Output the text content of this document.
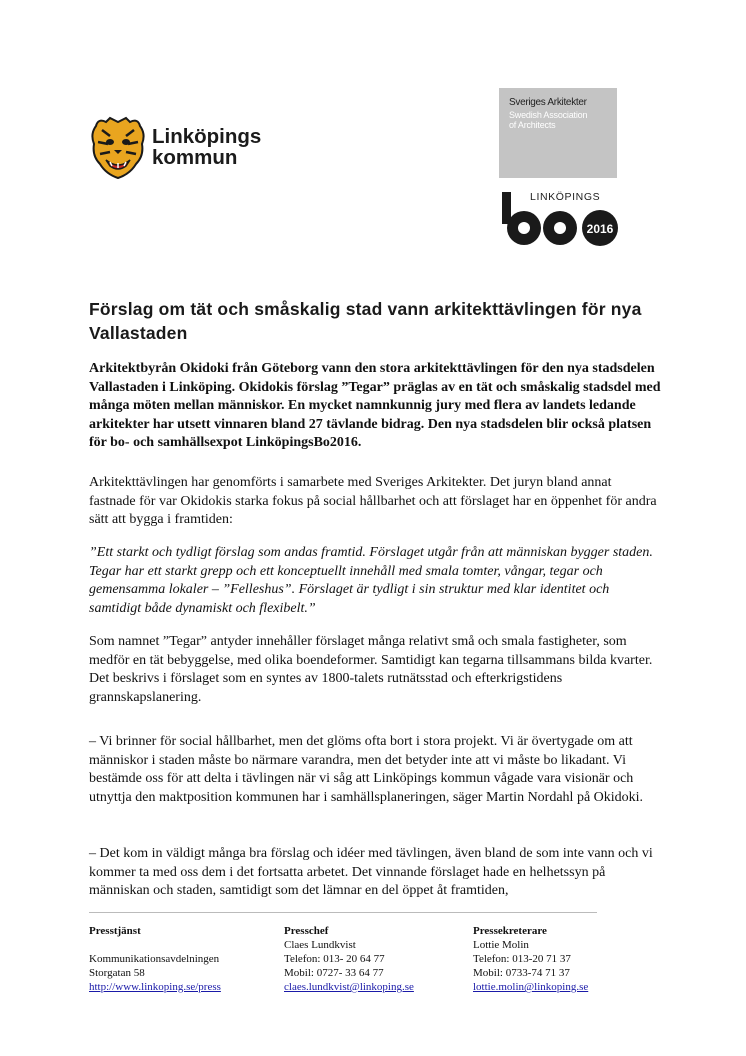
Linköpings
kommun
Sveriges Arkitekter
Swedish Association
of Architects
LINKÖPINGS
2016
Förslag om tät och småskalig stad vann arkitekttävlingen för nya Vallastaden

Arkitektbyrån Okidoki från Göteborg vann den stora arkitekttävlingen för den nya stadsdelen Vallastaden i Linköping. Okidokis förslag ”Tegar” präglas av en tät och småskalig stadsdel med många möten mellan människor. En mycket namnkunnig jury med flera av landets ledande arkitekter har utsett vinnaren bland 27 tävlande bidrag. Den nya stadsdelen blir också platsen för bo- och samhällsexpot LinköpingsBo2016.

Arkitekttävlingen har genomförts i samarbete med Sveriges Arkitekter. Det juryn bland annat fastnade för var Okidokis starka fokus på social hållbarhet och att förslaget har en öppenhet för andra sätt att bygga i framtiden:

”Ett starkt och tydligt förslag som andas framtid. Förslaget utgår från att människan bygger staden. Tegar har ett starkt grepp och ett konceptuellt innehåll med smala tomter, vångar, tegar och gemensamma lokaler – ”Felleshus”. Förslaget är tydligt i sin struktur med klar identitet och samtidigt både dynamiskt och flexibelt.”

Som namnet ”Tegar” antyder innehåller förslaget många relativt små och smala fastigheter, som medför en tät bebyggelse, med olika boendeformer. Samtidigt kan tegarna tillsammans bilda kvarter. Det beskrivs i förslaget som en syntes av 1800-talets rutnätsstad och efterkrigstidens grannskapslanering.

– Vi brinner för social hållbarhet, men det glöms ofta bort i stora projekt. Vi är övertygade om att människor i staden måste bo närmare varandra, men det betyder inte att vi måste bo likadant. Vi bestämde oss för att delta i tävlingen när vi såg att Linköpings kommun vågade vara visionär och utnyttja den maktposition kommunen har i samhällsplaneringen, säger Martin Nordahl på Okidoki.

– Det kom in väldigt många bra förslag och idéer med tävlingen, även bland de som inte vann och vi kommer ta med oss dem i det fortsatta arbetet. Det vinnande förslaget hade en helhetssyn på människan och staden, samtidigt som det lämnar en del öppet åt framtiden,

Presstjänst

Kommunikationsavdelningen
Storgatan 58
http://www.linkoping.se/press
Presschef
Claes Lundkvist
Telefon: 013- 20 64 77
Mobil: 0727- 33 64 77
claes.lundkvist@linkoping.se
Pressekreterare
Lottie Molin
Telefon: 013-20 71 37
Mobil: 0733-74 71 37
lottie.molin@linkoping.se
